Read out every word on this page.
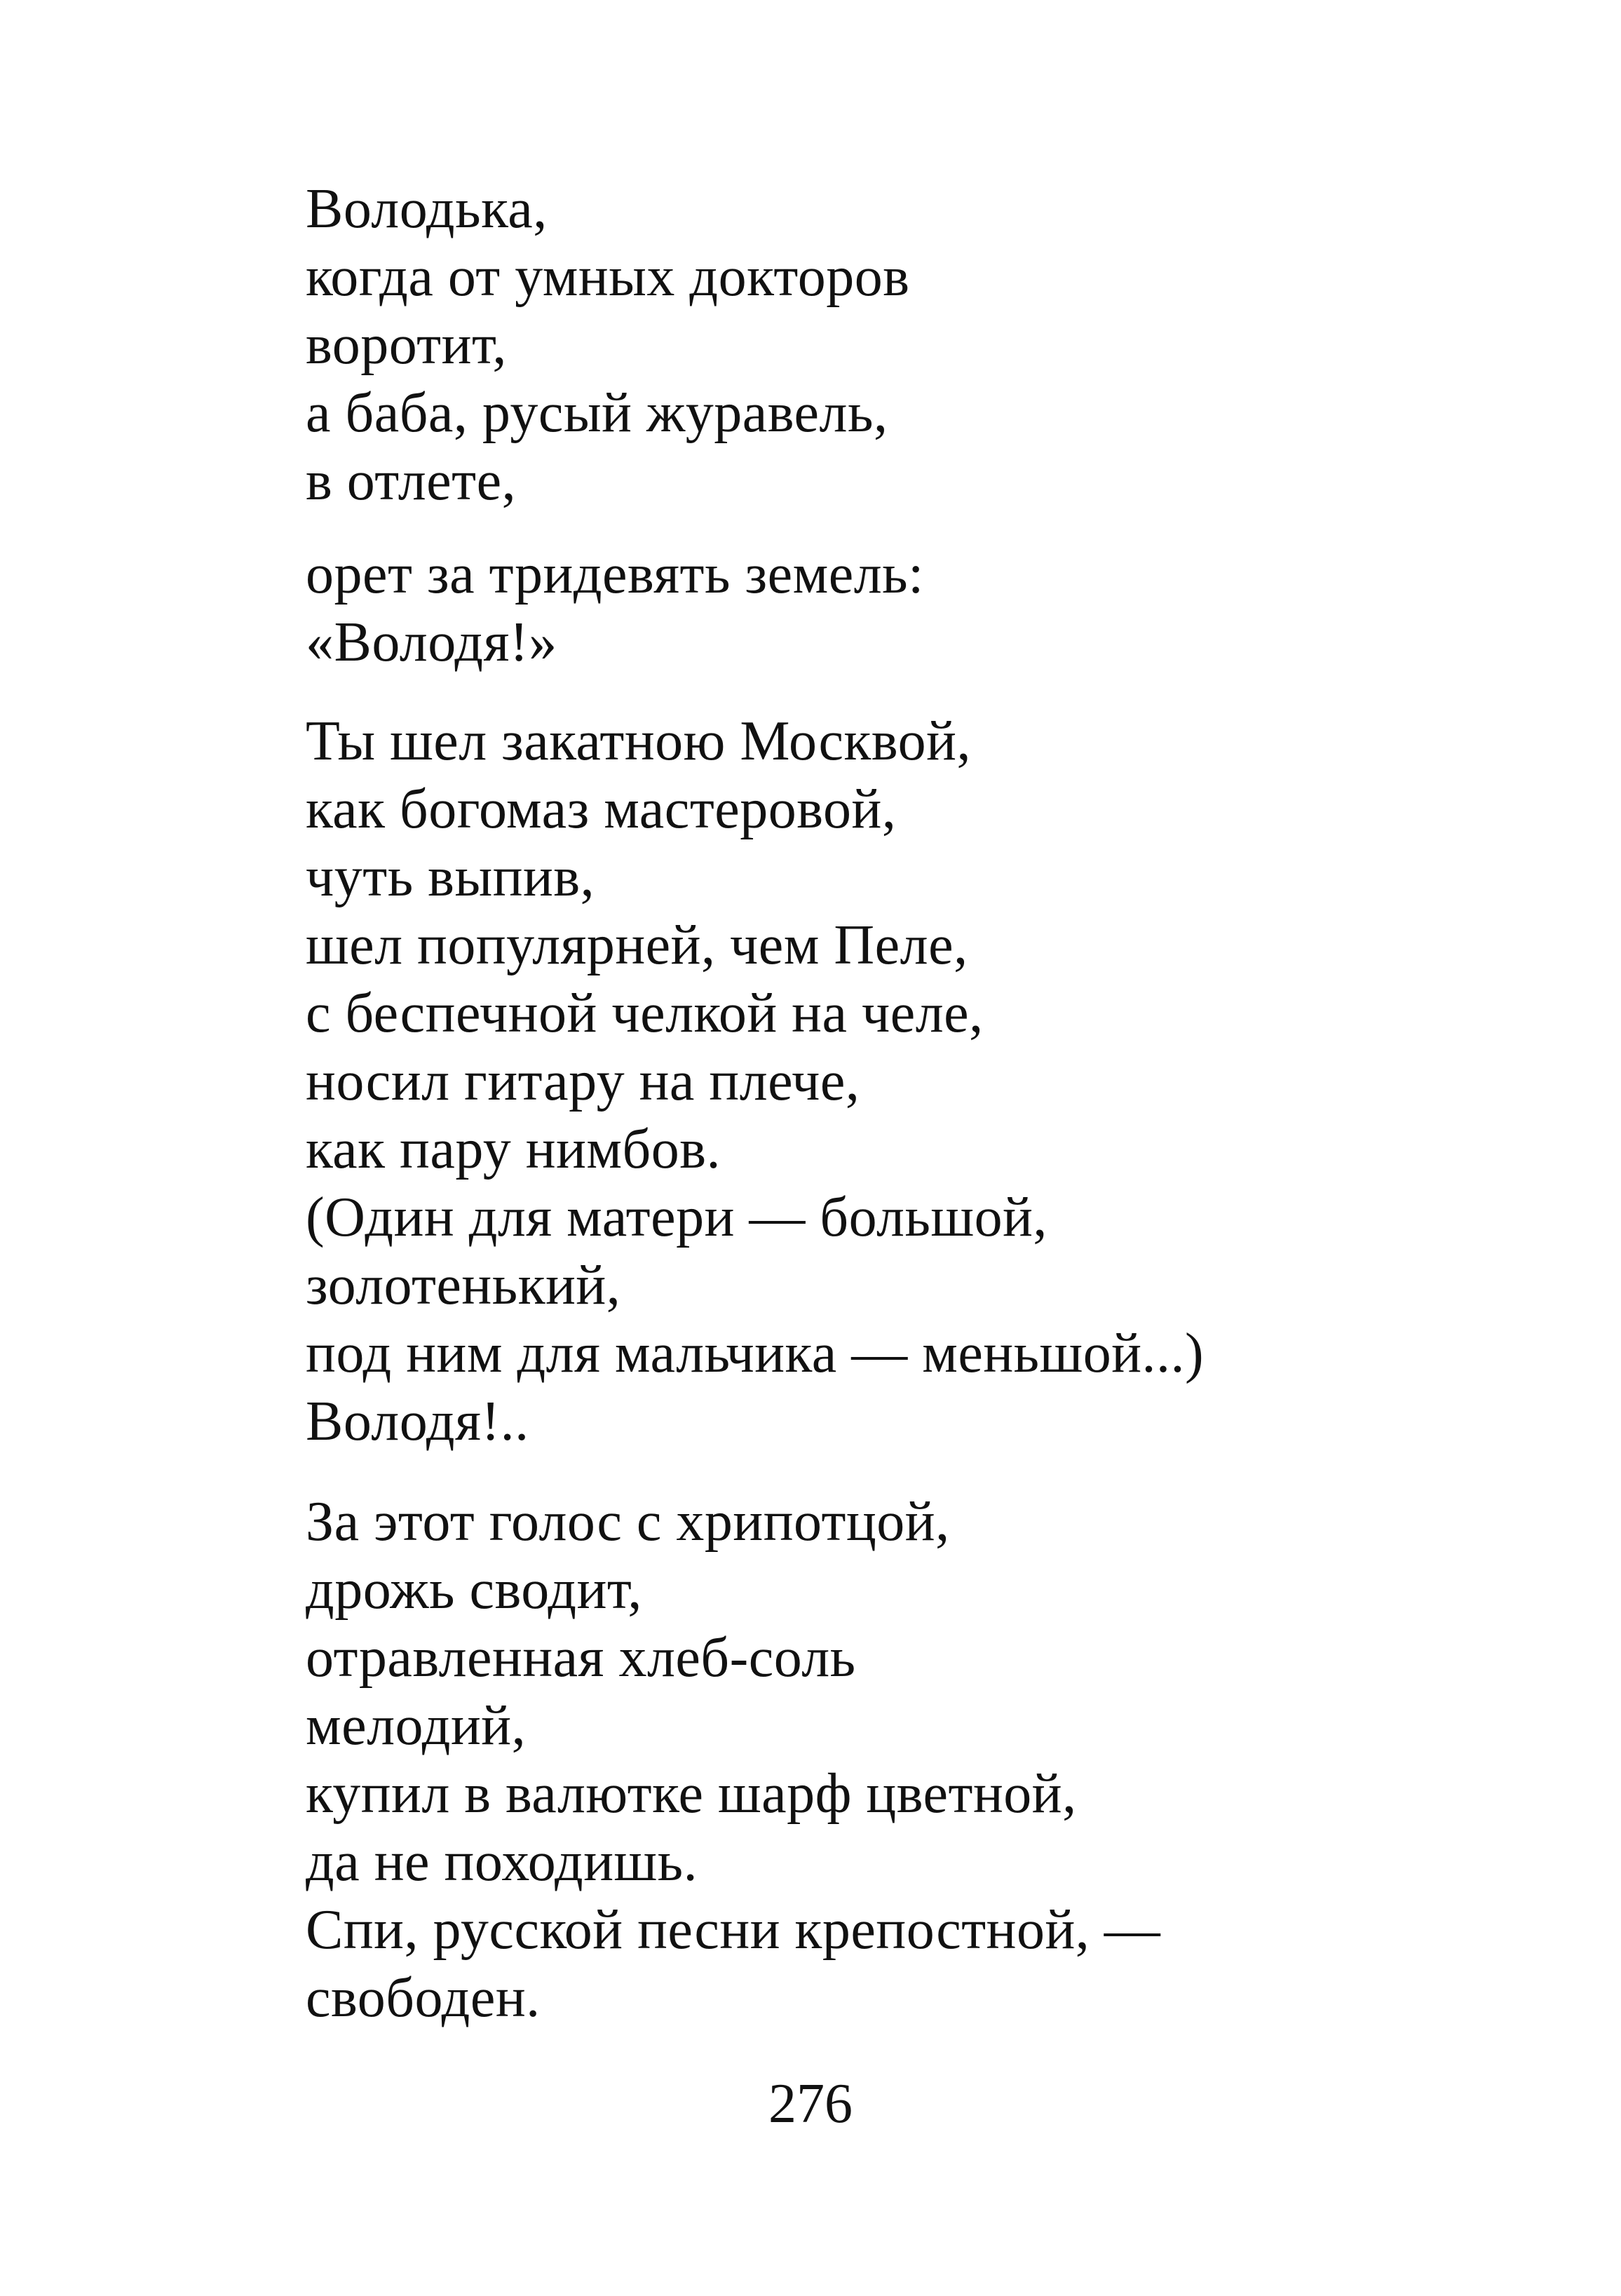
Володька,
когда от умных докторов
воротит,
а баба, русый журавель,
в отлете,
орет за тридевять земель:
«Володя!»
Ты шел закатною Москвой,
как богомаз мастеровой,
чуть выпив,
шел популярней, чем Пеле,
с беспечной челкой на челе,
носил гитару на плече,
как пару нимбов.
(Один для матери — большой,
золотенький,
под ним для мальчика — меньшой...)
Володя!..
За этот голос с хрипотцой,
дрожь сводит,
отравленная хлеб-соль
мелодий,
купил в валютке шарф цветной,
да не походишь.
Спи, русской песни крепостной, —
свободен.
276
